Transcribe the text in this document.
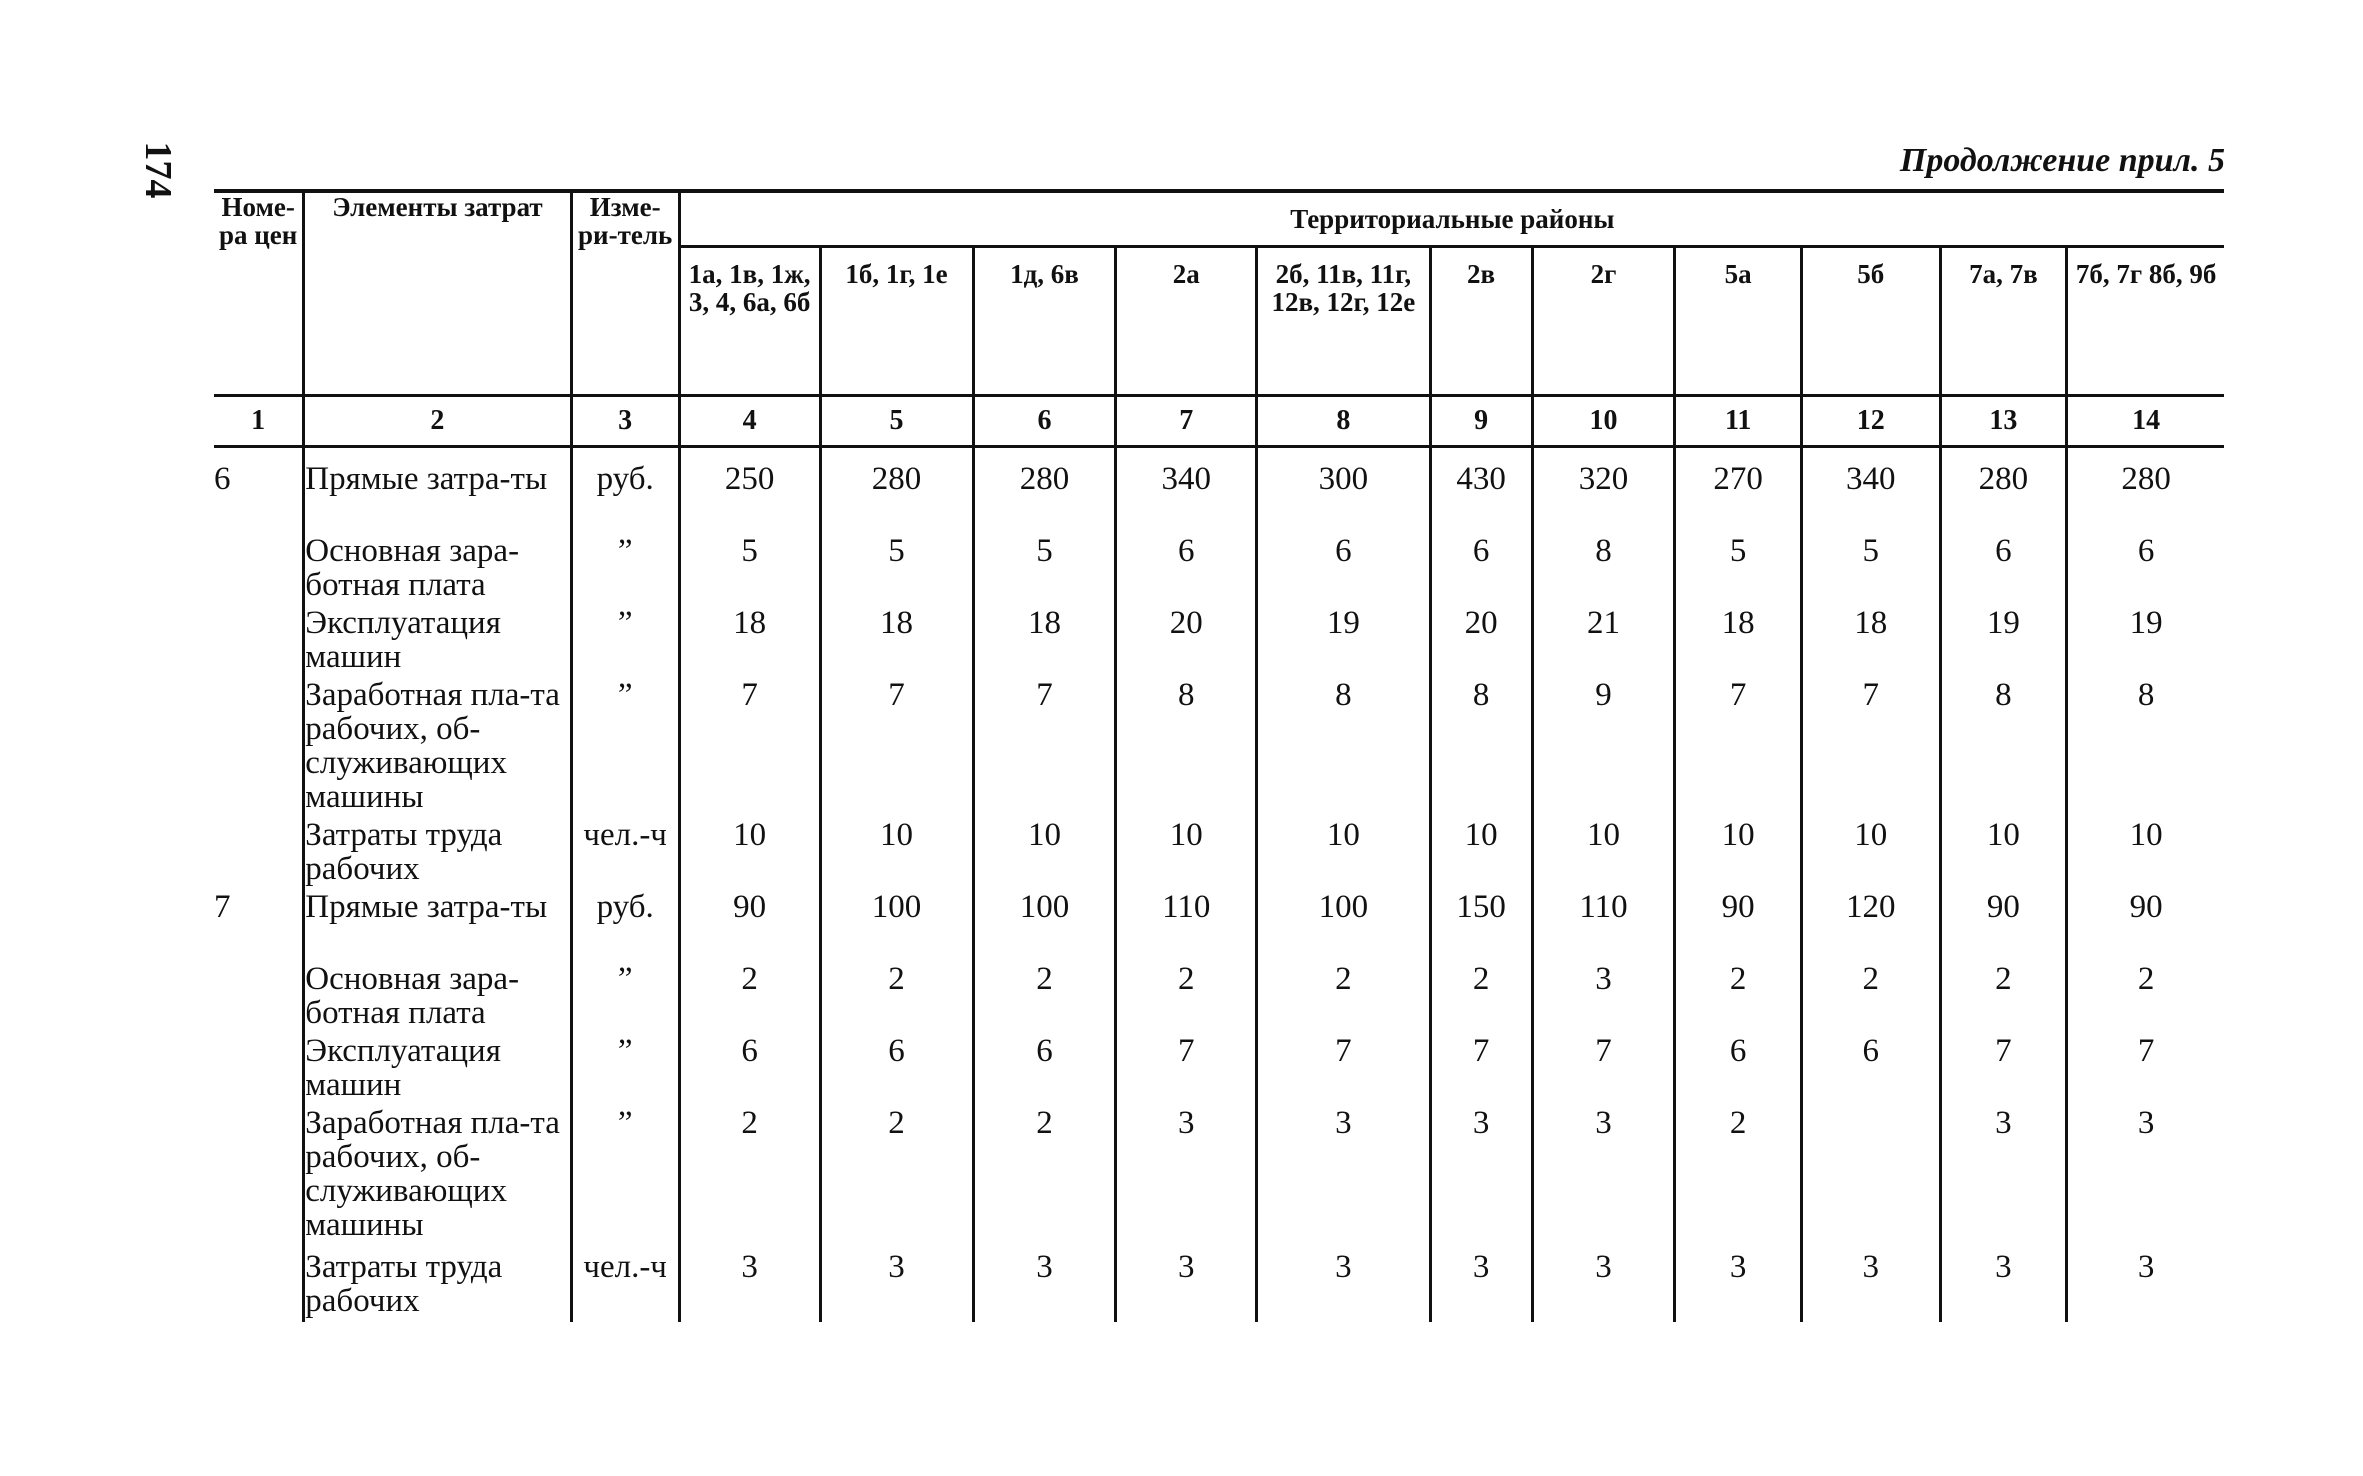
174	Продолжение прил. 5
Номе-ра цен	Элементы затрат	Изме-ри-тель	Территориальные районы										
			1а, 1в, 1ж, 3, 4, 6а, 6б	1б, 1г, 1е	1д, 6в	2а	2б, 11в, 11г, 12в, 12г, 12е	2в	2г	5а	5б	7а, 7в	7б, 7г 8б, 9б
1	2	3	4	5	6	7	8	9	10	11	12	13	14
6	Прямые затра-ты	руб.	250	280	280	340	300	430	320	270	340	280	280
	Основная зара-ботная плата	”	5	5	5	6	6	6	8	5	5	6	6
	Эксплуатация машин	”	18	18	18	20	19	20	21	18	18	19	19
	Заработная пла-та рабочих, об-служивающих машины	”	7	7	7	8	8	8	9	7	7	8	8
	Затраты труда рабочих	чел.-ч	10	10	10	10	10	10	10	10	10	10	10
7	Прямые затра-ты	руб.	90	100	100	110	100	150	110	90	120	90	90
	Основная зара-ботная плата	”	2	2	2	2	2	2	3	2	2	2	2
	Эксплуатация машин	”	6	6	6	7	7	7	7	6	6	7	7
	Заработная пла-та рабочих, об-служивающих машины	”	2	2	2	3	3	3	3	2		3	3
	Затраты труда рабочих	чел.-ч	3	3	3	3	3	3	3	3	3	3	3
